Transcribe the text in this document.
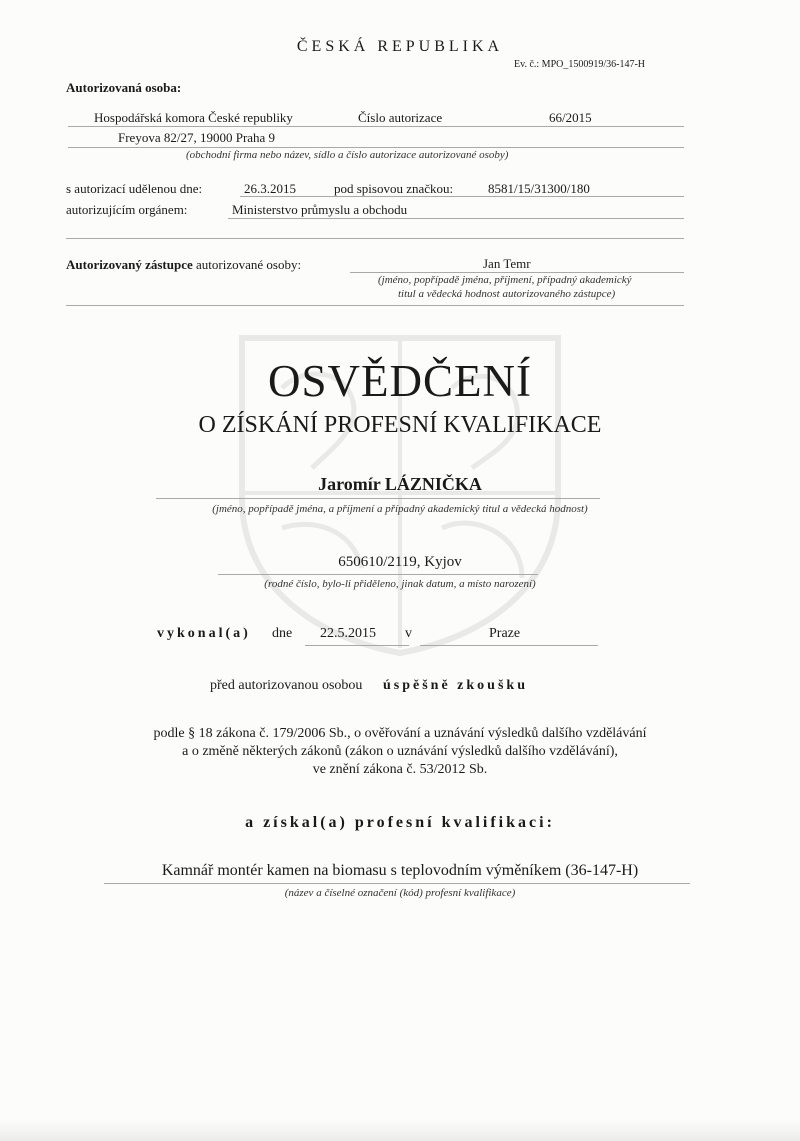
ČESKÁ REPUBLIKA
Ev. č.: MPO_1500919/36-147-H
Autorizovaná osoba:
Hospodářská komora České republiky	Číslo autorizace	66/2015
Freyova 82/27, 19000 Praha 9
(obchodní firma nebo název, sídlo a číslo autorizace autorizované osoby)
s autorizací udělenou dne:	26.3.2015	pod spisovou značkou:	8581/15/31300/180
autorizujícím orgánem:	Ministerstvo průmyslu a obchodu
Autorizovaný zástupce autorizované osoby:	Jan Temr
(jméno, popřípadě jména, příjmení, případný akademický
titul a vědecká hodnost autorizovaného zástupce)
OSVĚDČENÍ
O ZÍSKÁNÍ PROFESNÍ KVALIFIKACE
Jaromír LÁZNIČKA
(jméno, popřípadě jména, a příjmení a případný akademický titul a vědecká hodnost)
650610/2119, Kyjov
(rodné číslo, bylo-li přiděleno, jinak datum, a místo narození)
vykonal(a) dne 22.5.2015 v	Praze
před autorizovanou osobou úspěšně zkoušku
podle § 18 zákona č. 179/2006 Sb., o ověřování a uznávání výsledků dalšího vzdělávání
a o změně některých zákonů (zákon o uznávání výsledků dalšího vzdělávání),
ve znění zákona č. 53/2012 Sb.
a získal(a) profesní kvalifikaci:
Kamnář montér kamen na biomasu s teplovodním výměníkem (36-147-H)
(název a číselné označení (kód) profesní kvalifikace)
